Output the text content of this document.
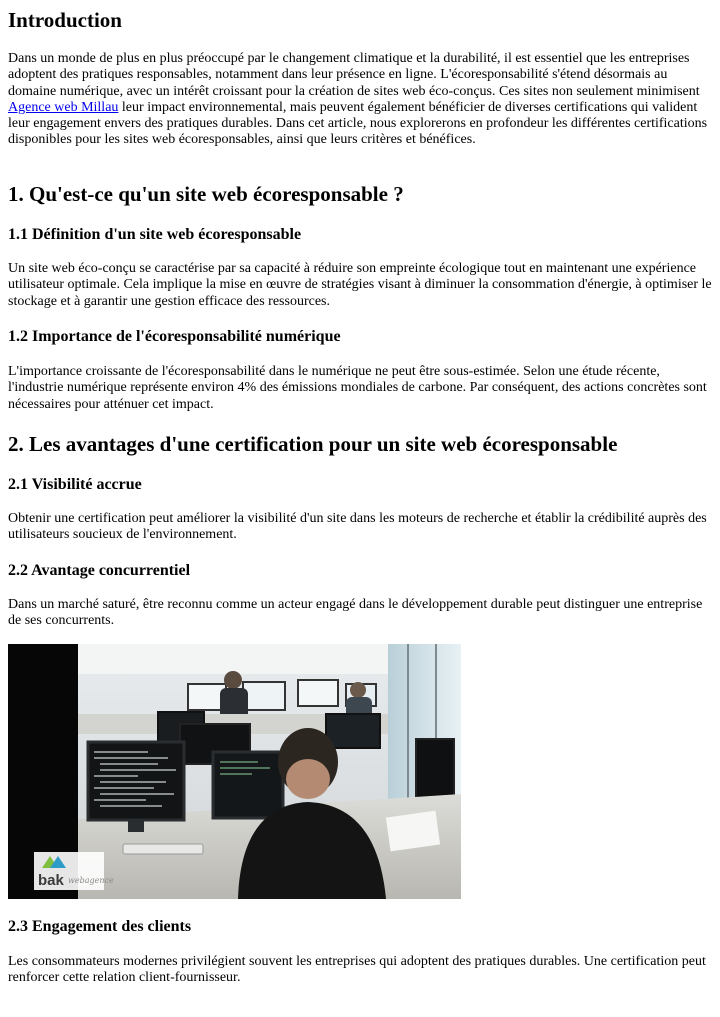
Introduction

Dans un monde de plus en plus préoccupé par le changement climatique et la durabilité, il est essentiel que les entreprises adoptent des pratiques responsables, notamment dans leur présence en ligne. L'écoresponsabilité s'étend désormais au domaine numérique, avec un intérêt croissant pour la création de sites web éco-conçus. Ces sites non seulement minimisent Agence web Millau leur impact environnemental, mais peuvent également bénéficier de diverses certifications qui valident leur engagement envers des pratiques durables. Dans cet article, nous explorerons en profondeur les différentes certifications disponibles pour les sites web écoresponsables, ainsi que leurs critères et bénéfices.

1. Qu'est-ce qu'un site web écoresponsable ?
1.1 Définition d'un site web écoresponsable

Un site web éco-conçu se caractérise par sa capacité à réduire son empreinte écologique tout en maintenant une expérience utilisateur optimale. Cela implique la mise en œuvre de stratégies visant à diminuer la consommation d'énergie, à optimiser le stockage et à garantir une gestion efficace des ressources.

1.2 Importance de l'écoresponsabilité numérique

L'importance croissante de l'écoresponsabilité dans le numérique ne peut être sous-estimée. Selon une étude récente, l'industrie numérique représente environ 4% des émissions mondiales de carbone. Par conséquent, des actions concrètes sont nécessaires pour atténuer cet impact.

2. Les avantages d'une certification pour un site web écoresponsable
2.1 Visibilité accrue

Obtenir une certification peut améliorer la visibilité d'un site dans les moteurs de recherche et établir la crédibilité auprès des utilisateurs soucieux de l'environnement.

2.2 Avantage concurrentiel

Dans un marché saturé, être reconnu comme un acteur engagé dans le développement durable peut distinguer une entreprise de ses concurrents.

bak webagence
2.3 Engagement des clients

Les consommateurs modernes privilégient souvent les entreprises qui adoptent des pratiques durables. Une certification peut renforcer cette relation client-fournisseur.
